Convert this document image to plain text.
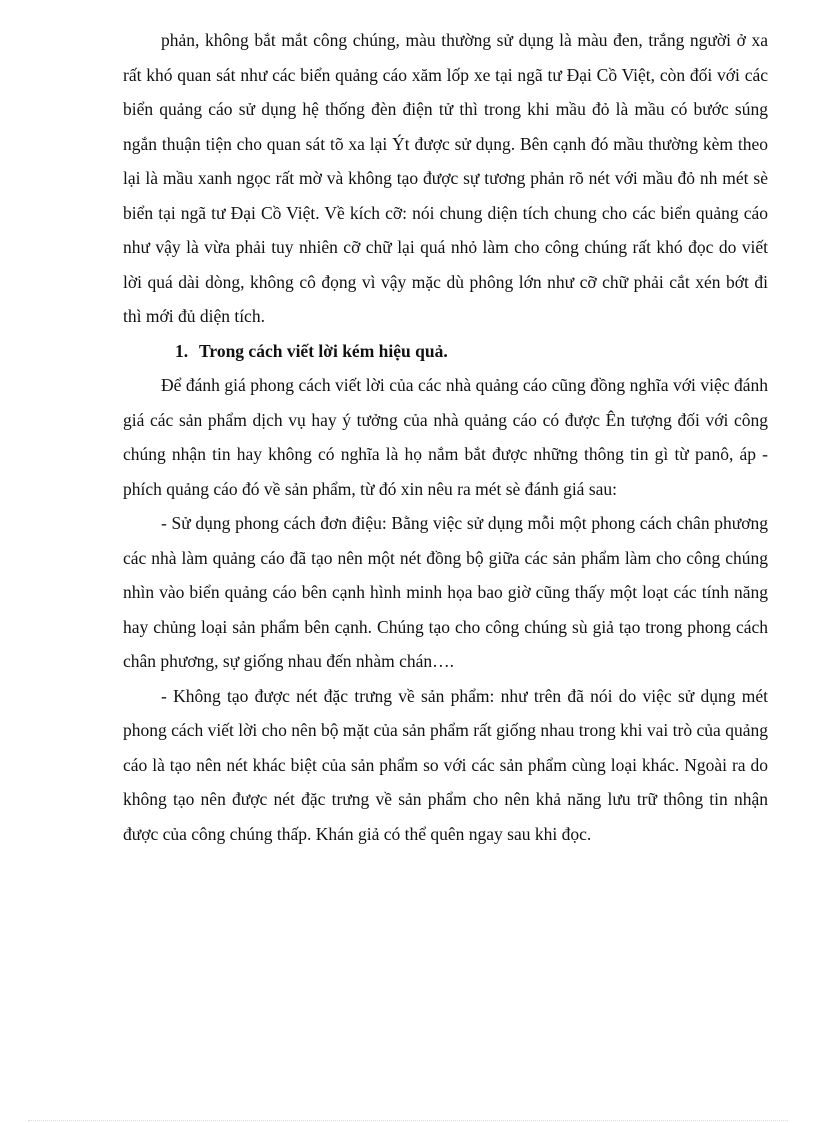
phản, không bắt mắt công chúng, màu thường sử dụng là màu đen, trắng người ở xa rất khó quan sát như các biển quảng cáo xăm lốp xe tại ngã tư Đại Cồ Việt, còn đối với các biển quảng cáo sử dụng hệ thống đèn điện tử thì trong khi mầu đỏ là mầu có bước súng ngắn thuận tiện cho quan sát tõ xa lại Ýt được sử dụng. Bên cạnh đó mầu thường kèm theo lại là mầu xanh ngọc rất mờ và không tạo được sự tương phản rõ nét với mầu đỏ nh mét sè biển tại ngã tư Đại Cồ Việt. Về kích cỡ: nói chung diện tích chung cho các biển quảng cáo như vậy là vừa phải tuy nhiên cỡ chữ lại quá nhỏ làm cho công chúng rất khó đọc do viết lời quá dài dòng, không cô đọng vì vậy mặc dù phông lớn như cỡ chữ phải cắt xén bớt đi thì mới đủ diện tích.

1. Trong cách viết lời kém hiệu quả.

Để đánh giá phong cách viết lời của các nhà quảng cáo cũng đồng nghĩa với việc đánh giá các sản phẩm dịch vụ hay ý tưởng của nhà quảng cáo có được Ên tượng đối với công chúng nhận tin hay không có nghĩa là họ nắm bắt được những thông tin gì từ panô, áp - phích quảng cáo đó về sản phẩm, từ đó xin nêu ra mét sè đánh giá sau:

- Sử dụng phong cách đơn điệu: Bằng việc sử dụng mỗi một phong cách chân phương các nhà làm quảng cáo đã tạo nên một nét đồng bộ giữa các sản phẩm làm cho công chúng nhìn vào biển quảng cáo bên cạnh hình minh họa bao giờ cũng thấy một loạt các tính năng hay chủng loại sản phẩm bên cạnh. Chúng tạo cho công chúng sù giả tạo trong phong cách chân phương, sự giống nhau đến nhàm chán….

- Không tạo được nét đặc trưng về sản phẩm: như trên đã nói do việc sử dụng mét phong cách viết lời cho nên bộ mặt của sản phẩm rất giống nhau trong khi vai trò của quảng cáo là tạo nên nét khác biệt của sản phẩm so với các sản phẩm cùng loại khác. Ngoài ra do không tạo nên được nét đặc trưng về sản phẩm cho nên khả năng lưu trữ thông tin nhận được của công chúng thấp. Khán giả có thể quên ngay sau khi đọc.
